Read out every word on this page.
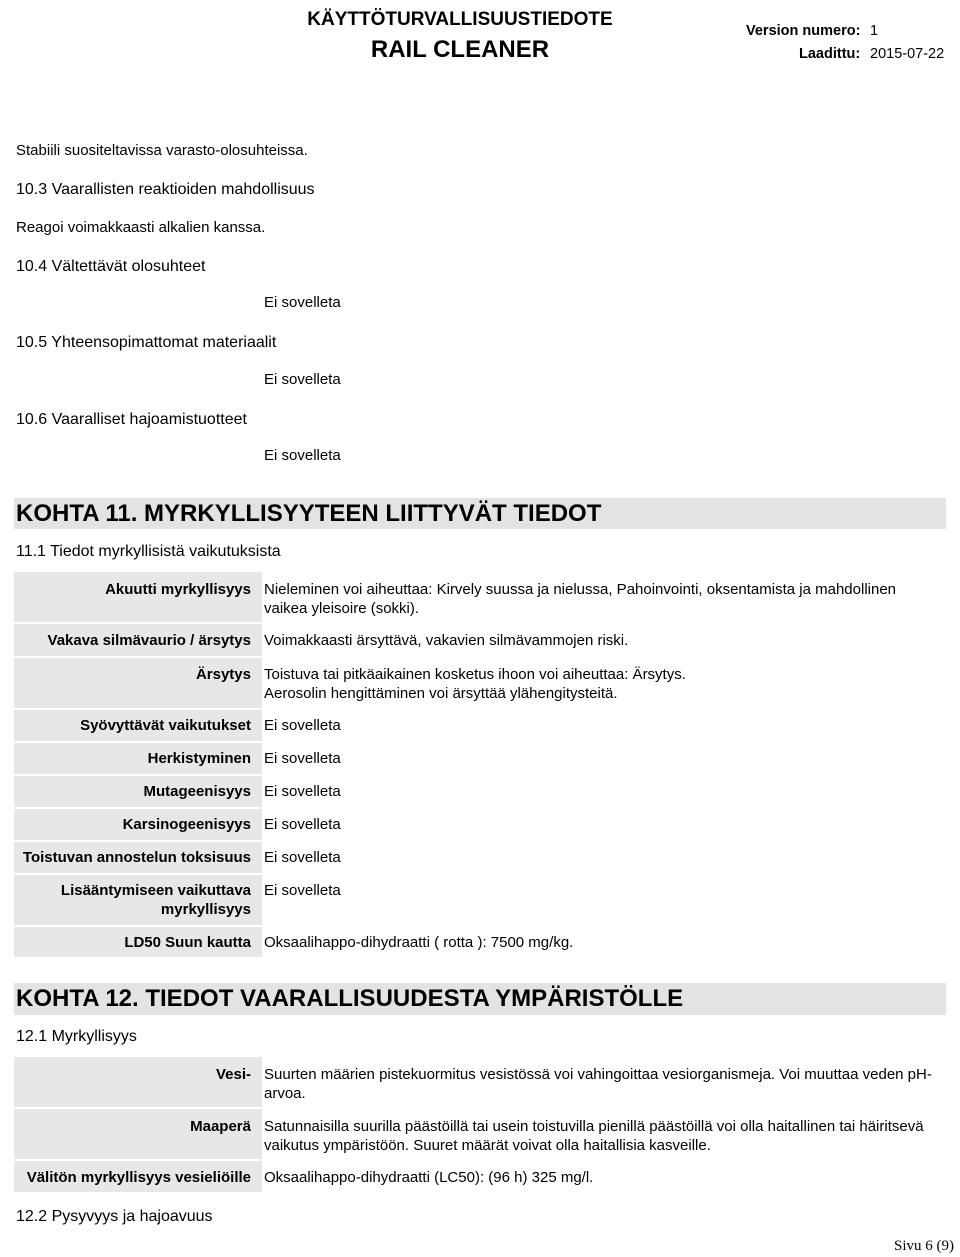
KÄYTTÖTURVALLISUUSTIEDOTE
RAIL CLEANER
Version numero: 1
Laadittu: 2015-07-22
Stabiili suositeltavissa varasto-olosuhteissa.
10.3 Vaarallisten reaktioiden mahdollisuus
Reagoi voimakkaasti alkalien kanssa.
10.4 Vältettävät olosuhteet
Ei sovelleta
10.5 Yhteensopimattomat materiaalit
Ei sovelleta
10.6 Vaaralliset hajoamistuotteet
Ei sovelleta
KOHTA 11. MYRKYLLISYYTEEN LIITTYVÄT TIEDOT
11.1 Tiedot myrkyllisistä vaikutuksista
Akuutti myrkyllisyys Nieleminen voi aiheuttaa: Kirvely suussa ja nielussa, Pahoinvointi, oksentamista ja mahdollinen
vaikea yleisoire (sokki).
Vakava silmävaurio / ärsytys Voimakkaasti ärsyttävä, vakavien silmävammojen riski.
Ärsytys Toistuva tai pitkäaikainen kosketus ihoon voi aiheuttaa: Ärsytys.
Aerosolin hengittäminen voi ärsyttää ylähengitysteitä.
Syövyttävät vaikutukset Ei sovelleta
Herkistyminen Ei sovelleta
Mutageenisyys Ei sovelleta
Karsinogeenisyys Ei sovelleta
Toistuvan annostelun toksisuus Ei sovelleta
Lisääntymiseen vaikuttava
myrkyllisyys
Ei sovelleta
LD50 Suun kautta Oksaalihappo-dihydraatti ( rotta ): 7500 mg/kg.
KOHTA 12. TIEDOT VAARALLISUUDESTA YMPÄRISTÖLLE
12.1 Myrkyllisyys
Vesi- Suurten määrien pistekuormitus vesistössä voi vahingoittaa vesiorganismeja. Voi muuttaa veden pH-
arvoa.
Maaperä Satunnaisilla suurilla päästöillä tai usein toistuvilla pienillä päästöillä voi olla haitallinen tai häiritsevä
vaikutus ympäristöön. Suuret määrät voivat olla haitallisia kasveille.
Välitön myrkyllisyys vesieliöille Oksaalihappo-dihydraatti (LC50): (96 h) 325 mg/l.
12.2 Pysyvyys ja hajoavuus
Sivu 6 (9)
